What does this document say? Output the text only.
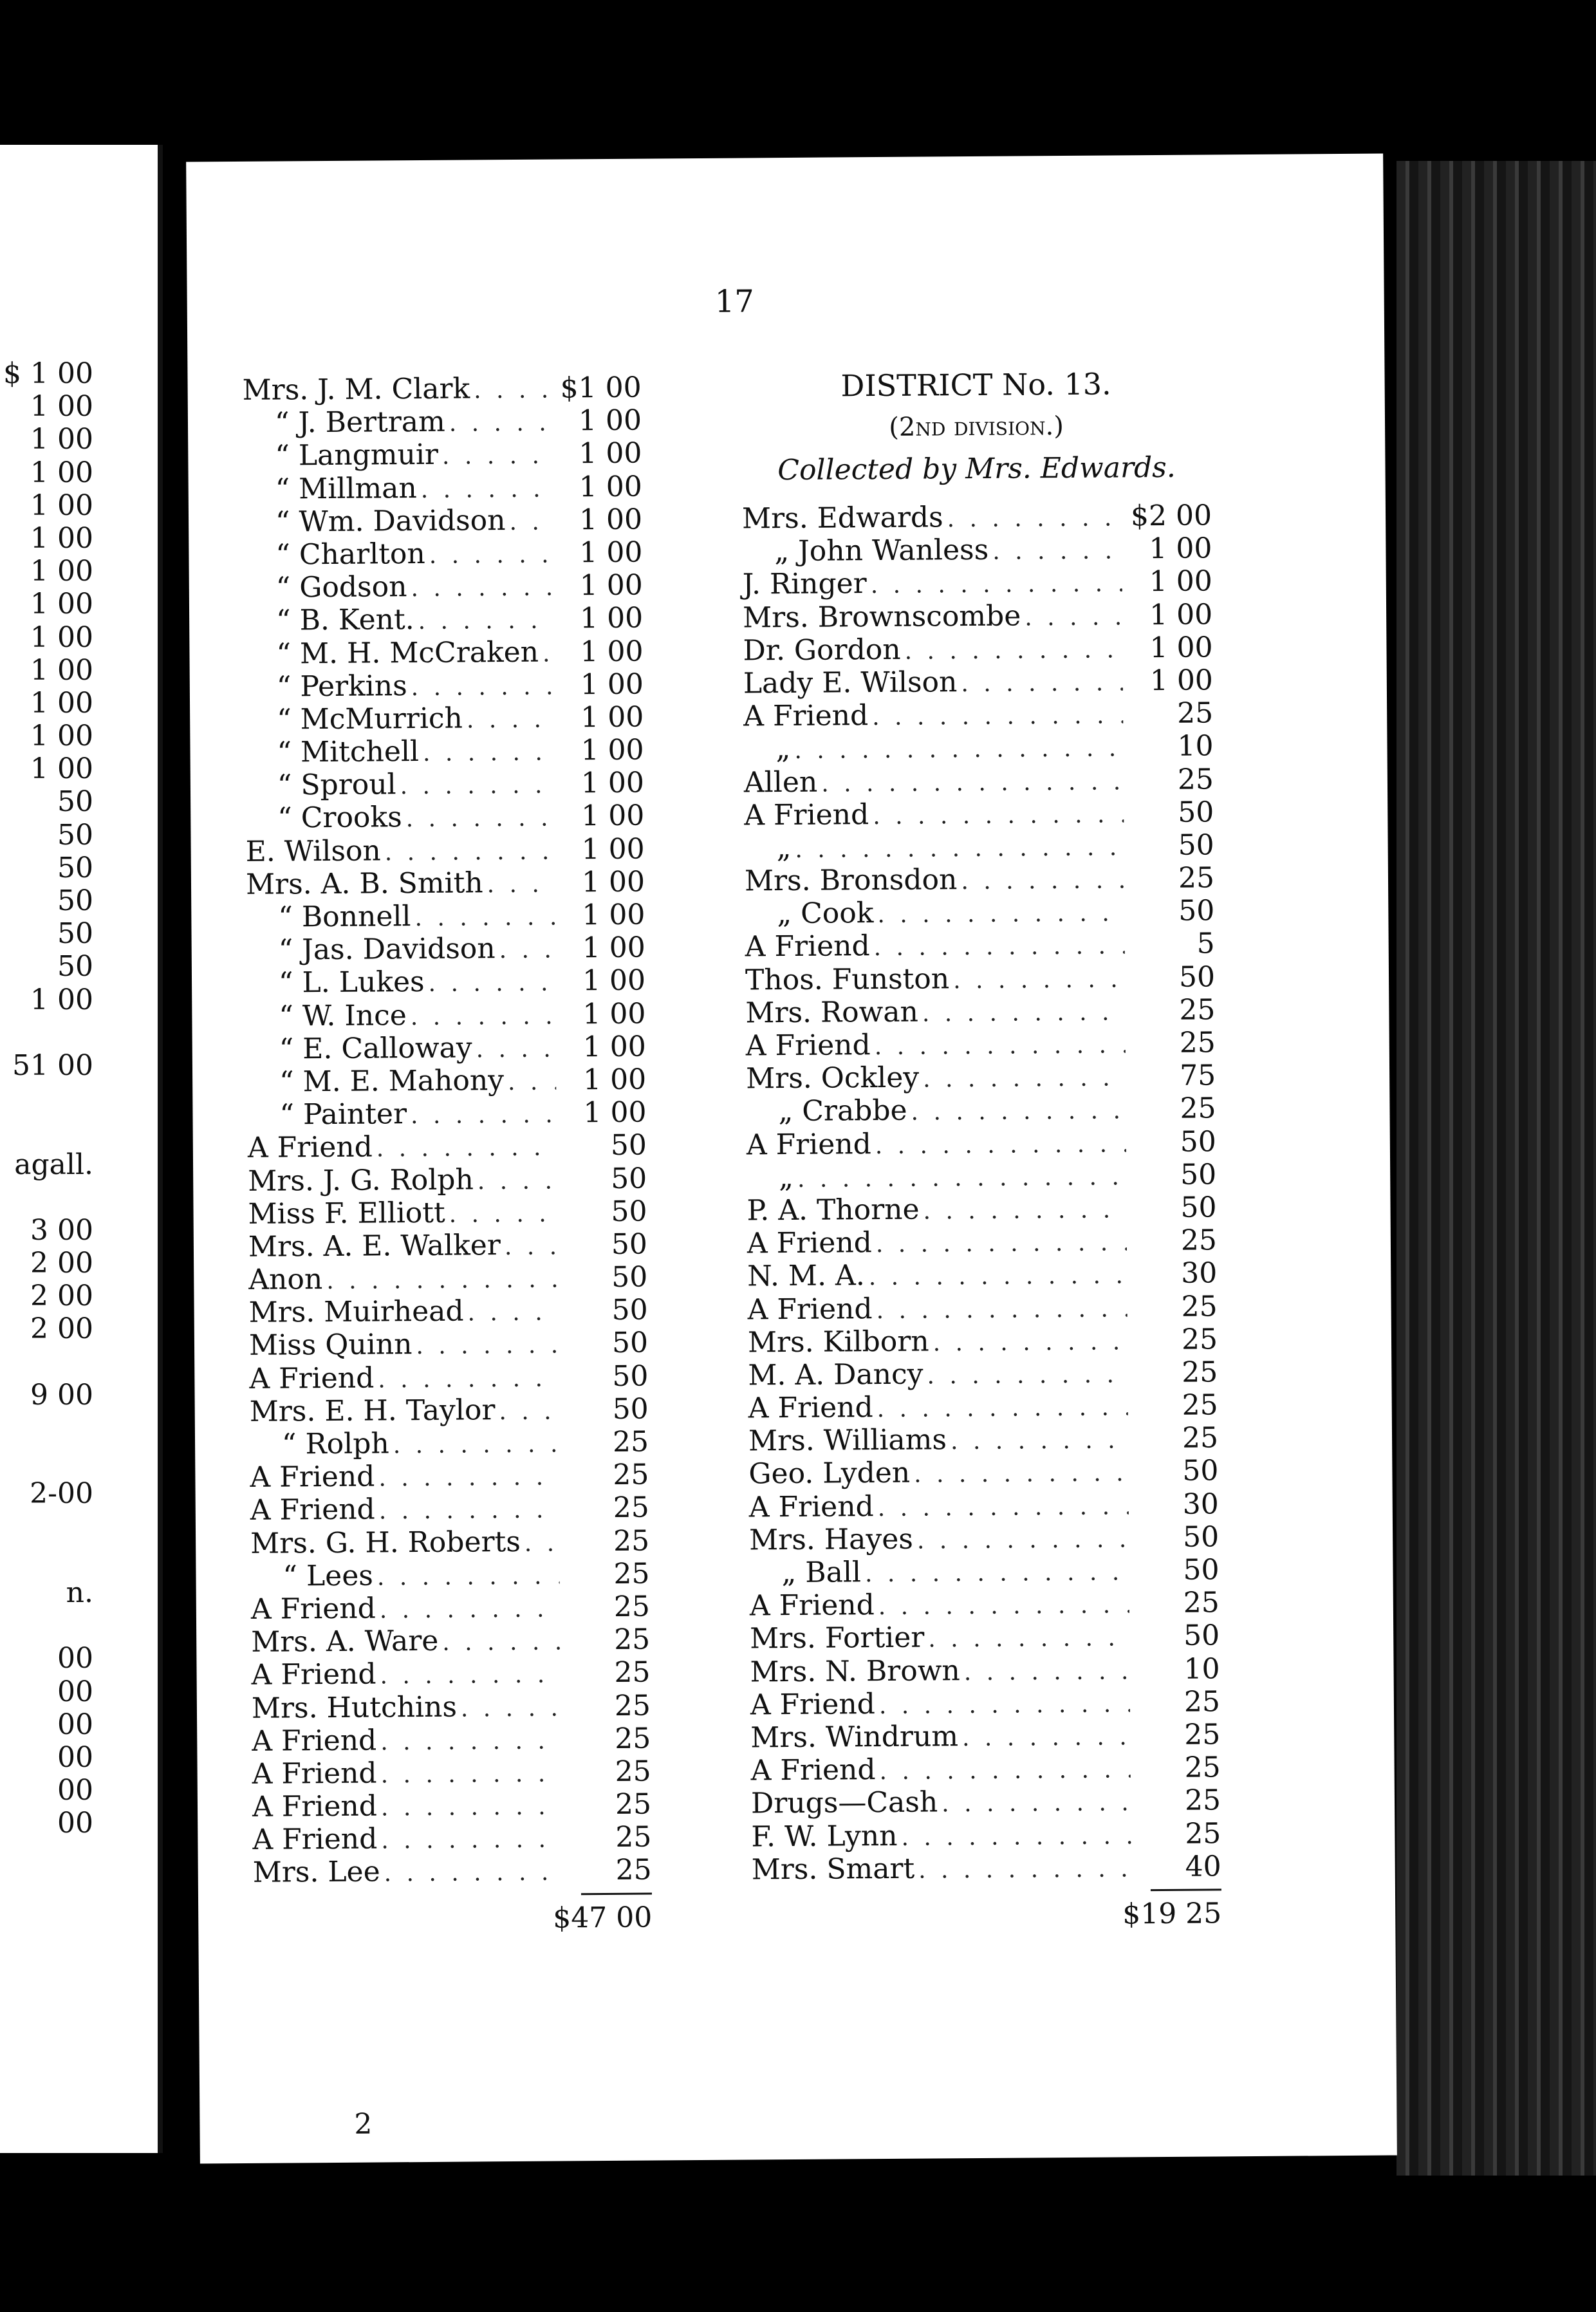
$ 1 00
1 00
1 00
1 00
1 00
1 00
1 00
1 00
1 00
1 00
1 00
1 00
1 00
50
50
50
50
50
50
1 00
51 00
agall.
3 00
2 00
2 00
2 00
9 00
2-00
n.
00
00
00
00
00
00
17
Mrs. J. M. Clark . . .	$1 00
“ J. Bertram . . .	1 00
“ Langmuir . . .	1 00
“ Millman . . .	1 00
“ Wm. Davidson . . .	1 00
“ Charlton . . .	1 00
“ Godson . . .	1 00
“ B. Kent. . . .	1 00
“ M. H. McCraken . . .	1 00
“ Perkins . . .	1 00
“ McMurrich . . .	1 00
“ Mitchell . . .	1 00
“ Sproul . . .	1 00
“ Crooks . . .	1 00
E. Wilson . . .	1 00
Mrs. A. B. Smith . . .	1 00
“ Bonnell . . .	1 00
“ Jas. Davidson . . .	1 00
“ L. Lukes . . .	1 00
“ W. Ince . . .	1 00
“ E. Calloway . . .	1 00
“ M. E. Mahony . . .	1 00
“ Painter . . .	1 00
A Friend . . .	50
Mrs. J. G. Rolph . . .	50
Miss F. Elliott . . .	50
Mrs. A. E. Walker . . .	50
Anon . . .	50
Mrs. Muirhead . . .	50
Miss Quinn . . .	50
A Friend . . .	50
Mrs. E. H. Taylor . . .	50
“ Rolph . . .	25
A Friend . . .	25
A Friend . . .	25
Mrs. G. H. Roberts . . .	25
“ Lees . . .	25
A Friend . . .	25
Mrs. A. Ware . . .	25
A Friend . . .	25
Mrs. Hutchins . . .	25
A Friend . . .	25
A Friend . . .	25
A Friend . . .	25
A Friend . . .	25
Mrs. Lee . . .	25
$47 00
DISTRICT No. 13.
(2nd division.)
Collected by Mrs. Edwards.
Mrs. Edwards . . .	$2 00
„ John Wanless . . .	1 00
J. Ringer . . .	1 00
Mrs. Brownscombe . . .	1 00
Dr. Gordon . . .	1 00
Lady E. Wilson . . .	1 00
A Friend . . .	25
„ . . .	10
Allen . . .	25
A Friend . . .	50
„ . . .	50
Mrs. Bronsdon . . .	25
„ Cook . . .	50
A Friend . . .	5
Thos. Funston . . .	50
Mrs. Rowan . . .	25
A Friend . . .	25
Mrs. Ockley . . .	75
„ Crabbe . . .	25
A Friend . . .	50
„ . . .	50
P. A. Thorne . . .	50
A Friend . . .	25
N. M. A. . . .	30
A Friend . . .	25
Mrs. Kilborn . . .	25
M. A. Dancy . . .	25
A Friend . . .	25
Mrs. Williams . . .	25
Geo. Lyden . . .	50
A Friend . . .	30
Mrs. Hayes . . .	50
„ Ball . . .	50
A Friend . . .	25
Mrs. Fortier . . .	50
Mrs. N. Brown . . .	10
A Friend . . .	25
Mrs. Windrum . . .	25
A Friend . . .	25
Drugs—Cash . . .	25
F. W. Lynn . . .	25
Mrs. Smart . . .	40
$19 25
2
